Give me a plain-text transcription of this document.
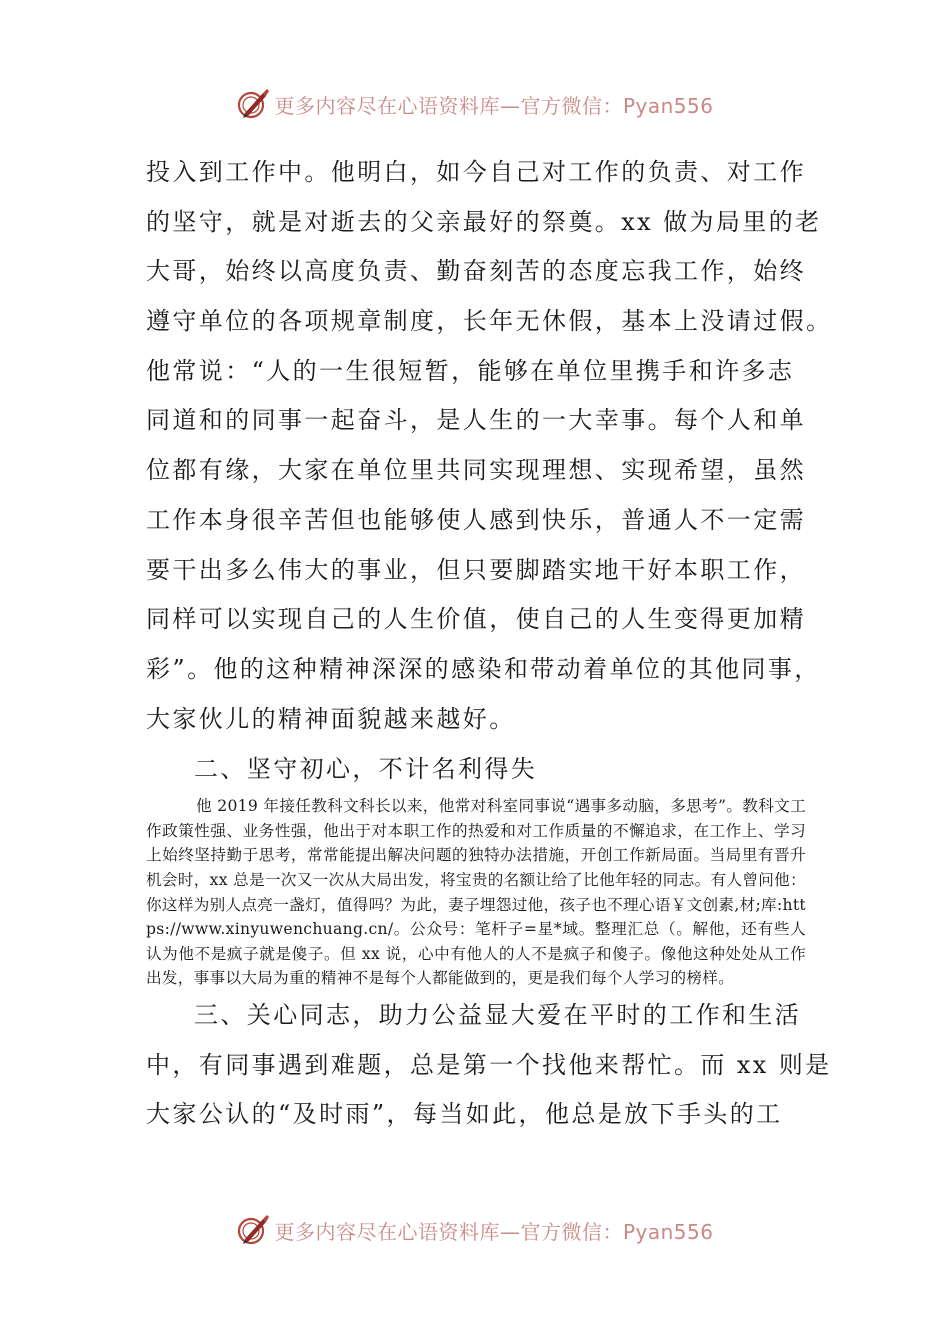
更多内容尽在心语资料库—官方微信：Pyan556
投入到工作中。他明白，如今自己对工作的负责、对工作
的坚守，就是对逝去的父亲最好的祭奠。xx 做为局里的老
大哥，始终以高度负责、勤奋刻苦的态度忘我工作，始终
遵守单位的各项规章制度，长年无休假，基本上没请过假。
他常说：“人的一生很短暂，能够在单位里携手和许多志
同道和的同事一起奋斗，是人生的一大幸事。每个人和单
位都有缘，大家在单位里共同实现理想、实现希望，虽然
工作本身很辛苦但也能够使人感到快乐，普通人不一定需
要干出多么伟大的事业，但只要脚踏实地干好本职工作，
同样可以实现自己的人生价值，使自己的人生变得更加精
彩”。他的这种精神深深的感染和带动着单位的其他同事，
大家伙儿的精神面貌越来越好。
二、坚守初心，不计名利得失

他 2019 年接任教科文科长以来，他常对科室同事说“遇事多动脑，多思考”。教科文工作政策性强、业务性强，他出于对本职工作的热爱和对工作质量的不懈追求，在工作上、学习上始终坚持勤于思考，常常能提出解决问题的独特办法措施，开创工作新局面。当局里有晋升机会时，xx 总是一次又一次从大局出发，将宝贵的名额让给了比他年轻的同志。有人曾问他：你这样为别人点亮一盏灯，值得吗？为此，妻子埋怨过他，孩子也不理心语￥文创素,材;库:https://www.xinyuwenchuang.cn/。公众号：笔杆子=星*域。整理汇总（。解他，还有些人认为他不是疯子就是傻子。但 xx 说，心中有他人的人不是疯子和傻子。像他这种处处从工作出发，事事以大局为重的精神不是每个人都能做到的，更是我们每个人学习的榜样。

三、关心同志，助力公益显大爱在平时的工作和生活
中，有同事遇到难题，总是第一个找他来帮忙。而 xx 则是
大家公认的“及时雨”，每当如此，他总是放下手头的工
更多内容尽在心语资料库—官方微信：Pyan556
